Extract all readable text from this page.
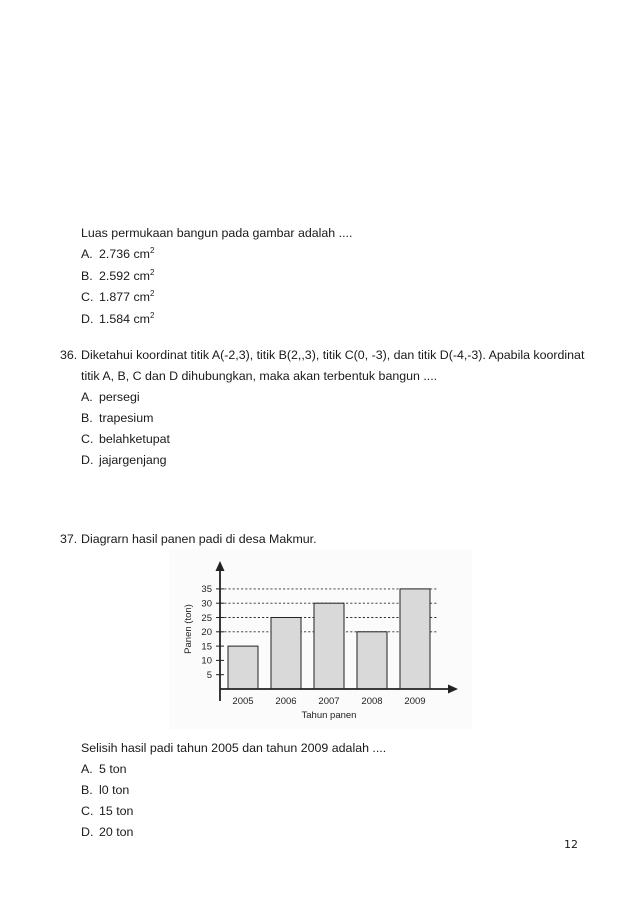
Luas permukaan bangun pada gambar adalah ....
A. 2.736 $cm^2$
B. 2.592 $cm^2$
C. 1.877 $cm^2$
D. 1.584 $cm^2$
36. Diketahui koordinat titik A(-2,3), titik B(2,,3), titik C(0, -3), dan titik D(-4,-3). Apabila koordinat
titik A, B, C dan D dihubungkan, maka akan terbentuk bangun ....
A. persegi
B. trapesium
C. belahketupat
D. jajargenjang
37. Diagrarn hasil panen padi di desa Makmur.
5
10
15
20
25
30
35
2005 2006 2007 2008 2009
Tahun panen
Panen (ton)
Selisih hasil padi tahun 2005 dan tahun 2009 adalah ....
A. 5 ton
B. l0 ton
C. 15 ton
D. 20 ton
12
